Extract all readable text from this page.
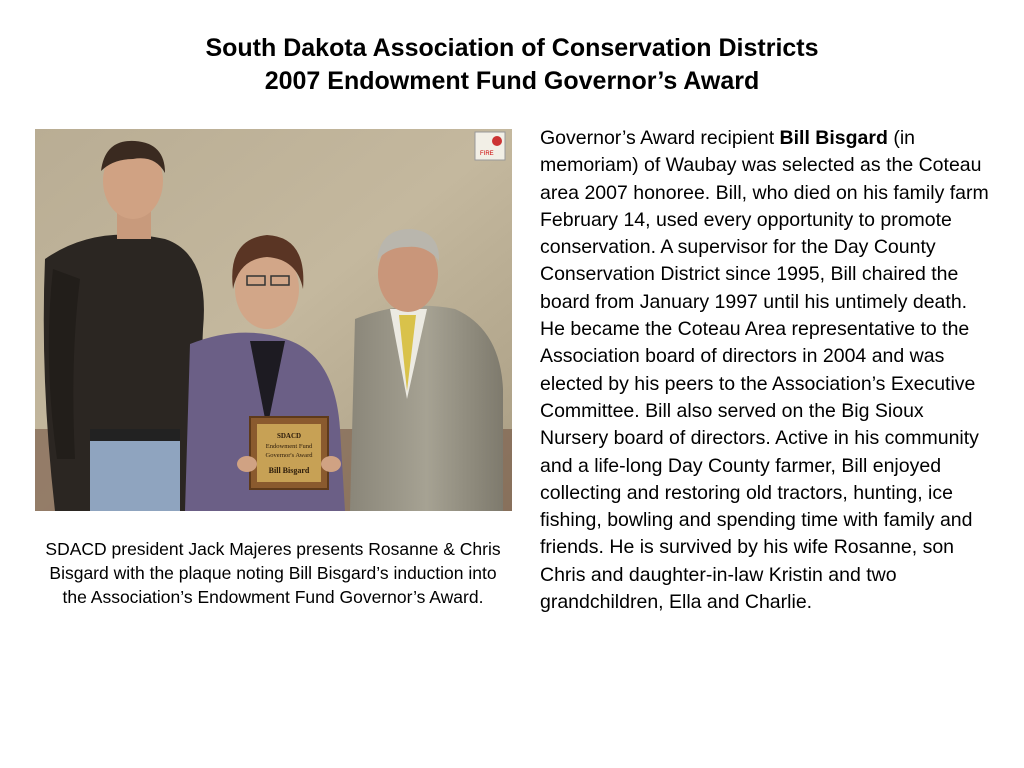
South Dakota Association of Conservation Districts
2007 Endowment Fund Governor’s Award
FIRE
SDACD
Endowment Fund
Governor's Award
Bill Bisgard
SDACD president Jack Majeres presents Rosanne & Chris Bisgard with the plaque noting Bill Bisgard’s induction into the Association’s Endowment Fund Governor’s Award.
Governor’s Award recipient Bill Bisgard (in memoriam) of Waubay was selected as the Coteau area 2007 honoree. Bill, who died on his family farm February 14, used every opportunity to promote conservation. A supervisor for the Day County Conservation District since 1995, Bill chaired the board from January 1997 until his untimely death. He became the Coteau Area representative to the Association board of directors in 2004 and was elected by his peers to the Association’s Executive Committee. Bill also served on the Big Sioux Nursery board of directors. Active in his community and a life-long Day County farmer, Bill enjoyed collecting and restoring old tractors, hunting, ice fishing, bowling and spending time with family and friends. He is survived by his wife Rosanne, son Chris and daughter-in-law Kristin and two grandchildren, Ella and Charlie.
